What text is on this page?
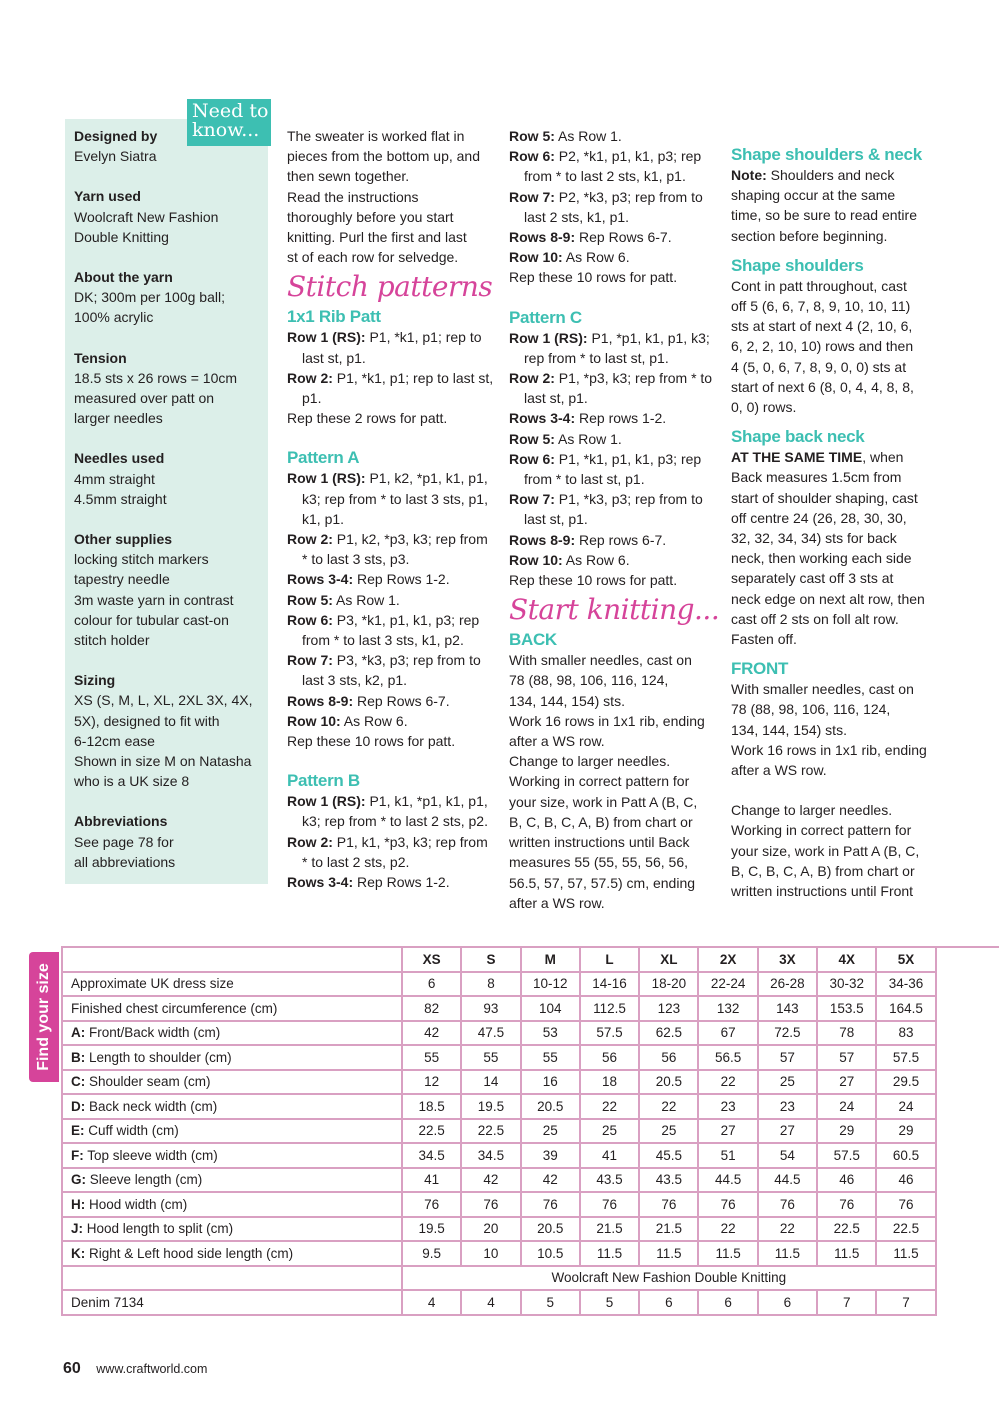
Designed by
Evelyn Siatra
Yarn used
Woolcraft New Fashion
Double Knitting
About the yarn
DK; 300m per 100g ball;
100% acrylic
Tension
18.5 sts x 26 rows = 10cm
measured over patt on
larger needles
Needles used
4mm straight
4.5mm straight
Other supplies
locking stitch markers
tapestry needle
3m waste yarn in contrast
colour for tubular cast-on
stitch holder
Sizing
XS (S, M, L, XL, 2XL 3X, 4X,
5X), designed to fit with
6-12cm ease
Shown in size M on Natasha
who is a UK size 8
Abbreviations
See page 78 for
all abbreviations
Need to know...	The sweater is worked flat in

pieces from the bottom up, and

then sewn together.

Read the instructions

thoroughly before you start

knitting. Purl the first and last

st of each row for selvedge.

Stitch patterns

1x1 Rib Patt

Row 1 (RS): P1, *k1, p1; rep to last st, p1.

Row 2: P1, *k1, p1; rep to last st, p1.

Rep these 2 rows for patt.

Pattern A

Row 1 (RS): P1, k2, *p1, k1, p1, k3; rep from * to last 3 sts, p1, k1, p1.

Row 2: P1, k2, *p3, k3; rep from * to last 3 sts, p3.

Rows 3-4: Rep Rows 1-2.

Row 5: As Row 1.

Row 6: P3, *k1, p1, k1, p3; rep from * to last 3 sts, k1, p2.

Row 7: P3, *k3, p3; rep from to last 3 sts, k2, p1.

Rows 8-9: Rep Rows 6-7.

Row 10: As Row 6.

Rep these 10 rows for patt.

Pattern B

Row 1 (RS): P1, k1, *p1, k1, p1, k3; rep from * to last 2 sts, p2.

Row 2: P1, k1, *p3, k3; rep from * to last 2 sts, p2.

Rows 3-4: Rep Rows 1-2.

Row 5: As Row 1.

Row 6: P2, *k1, p1, k1, p3; rep from * to last 2 sts, k1, p1.

Row 7: P2, *k3, p3; rep from to last 2 sts, k1, p1.

Rows 8-9: Rep Rows 6-7.

Row 10: As Row 6.

Rep these 10 rows for patt.

Pattern C

Row 1 (RS): P1, *p1, k1, p1, k3; rep from * to last st, p1.

Row 2: P1, *p3, k3; rep from * to last st, p1.

Rows 3-4: Rep rows 1-2.

Row 5: As Row 1.

Row 6: P1, *k1, p1, k1, p3; rep from * to last st, p1.

Row 7: P1, *k3, p3; rep from to last st, p1.

Rows 8-9: Rep rows 6-7.

Row 10: As Row 6.

Rep these 10 rows for patt.

Start knitting...

BACK

With smaller needles, cast on

78 (88, 98, 106, 116, 124,

134, 144, 154) sts.

Work 16 rows in 1x1 rib, ending

after a WS row.

Change to larger needles.

Working in correct pattern for

your size, work in Patt A (B, C,

B, C, B, C, A, B) from chart or

written instructions until Back

measures 55 (55, 55, 56, 56,

56.5, 57, 57, 57.5) cm, ending

after a WS row.

Shape shoulders & neck

Note: Shoulders and neck

shaping occur at the same

time, so be sure to read entire

section before beginning.

Shape shoulders

Cont in patt throughout, cast

off 5 (6, 6, 7, 8, 9, 10, 10, 11)

sts at start of next 4 (2, 10, 6,

6, 2, 2, 10, 10) rows and then

4 (5, 0, 6, 7, 8, 9, 0, 0) sts at

start of next 6 (8, 0, 4, 4, 8, 8,

0, 0) rows.

Shape back neck

AT THE SAME TIME, when

Back measures 1.5cm from

start of shoulder shaping, cast

off centre 24 (26, 28, 30, 30,

32, 32, 34, 34) sts for back

neck, then working each side

separately cast off 3 sts at

neck edge on next alt row, then

cast off 2 sts on foll alt row.

Fasten off.

FRONT

With smaller needles, cast on

78 (88, 98, 106, 116, 124,

134, 144, 154) sts.

Work 16 rows in 1x1 rib, ending

after a WS row.

Change to larger needles.

Working in correct pattern for

your size, work in Patt A (B, C,

B, C, B, C, A, B) from chart or

written instructions until Front

Find your size
	XS	S	M	L	XL	2X	3X	4X	5X
Approximate UK dress size	6	8	10-12	14-16	18-20	22-24	26-28	30-32	34-36
Finished chest circumference (cm)	82	93	104	112.5	123	132	143	153.5	164.5
A: Front/Back width (cm)	42	47.5	53	57.5	62.5	67	72.5	78	83
B: Length to shoulder (cm)	55	55	55	56	56	56.5	57	57	57.5
C: Shoulder seam (cm)	12	14	16	18	20.5	22	25	27	29.5
D: Back neck width (cm)	18.5	19.5	20.5	22	22	23	23	24	24
E: Cuff width (cm)	22.5	22.5	25	25	25	27	27	29	29
F: Top sleeve width (cm)	34.5	34.5	39	41	45.5	51	54	57.5	60.5
G: Sleeve length (cm)	41	42	42	43.5	43.5	44.5	44.5	46	46
H: Hood width (cm)	76	76	76	76	76	76	76	76	76
J: Hood length to split (cm)	19.5	20	20.5	21.5	21.5	22	22	22.5	22.5
K: Right & Left hood side length (cm)	9.5	10	10.5	11.5	11.5	11.5	11.5	11.5	11.5
	Woolcraft New Fashion Double Knitting								
Denim 7134	4	4	5	5	6	6	6	7	7
60 www.craftworld.com
